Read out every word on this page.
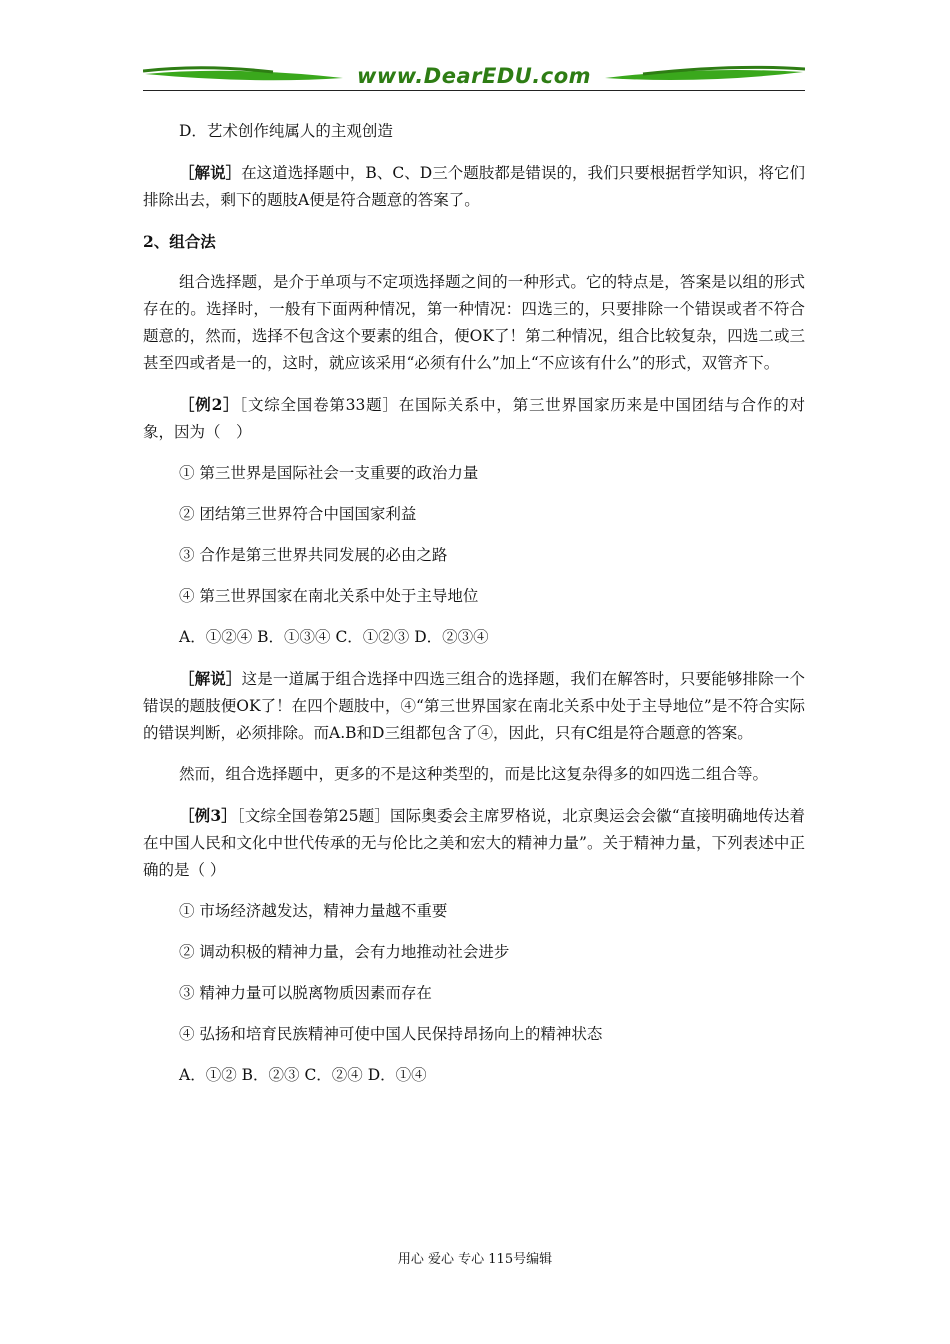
www.DearEDU.com

D．艺术创作纯属人的主观创造

［解说］在这道选择题中，B、C、D三个题肢都是错误的，我们只要根据哲学知识，将它们排除出去，剩下的题肢A便是符合题意的答案了。

2、组合法

组合选择题，是介于单项与不定项选择题之间的一种形式。它的特点是，答案是以组的形式存在的。选择时，一般有下面两种情况，第一种情况：四选三的，只要排除一个错误或者不符合题意的，然而，选择不包含这个要素的组合，便OK了！第二种情况，组合比较复杂，四选二或三甚至四或者是一的，这时，就应该采用“必须有什么”加上“不应该有什么”的形式，双管齐下。

［例2］［文综全国卷第33题］在国际关系中，第三世界国家历来是中国团结与合作的对象，因为（　）

① 第三世界是国际社会一支重要的政治力量

② 团结第三世界符合中国国家利益

③ 合作是第三世界共同发展的必由之路

④ 第三世界国家在南北关系中处于主导地位

A．①②④ B．①③④ C．①②③ D．②③④

［解说］这是一道属于组合选择中四选三组合的选择题，我们在解答时，只要能够排除一个错误的题肢便OK了！在四个题肢中，④“第三世界国家在南北关系中处于主导地位”是不符合实际的错误判断，必须排除。而A.B和D三组都包含了④，因此，只有C组是符合题意的答案。

然而，组合选择题中，更多的不是这种类型的，而是比这复杂得多的如四选二组合等。

［例3］［文综全国卷第25题］国际奥委会主席罗格说，北京奥运会会徽“直接明确地传达着在中国人民和文化中世代传承的无与伦比之美和宏大的精神力量”。关于精神力量，下列表述中正确的是（ ）

① 市场经济越发达，精神力量越不重要

② 调动积极的精神力量，会有力地推动社会进步

③ 精神力量可以脱离物质因素而存在

④ 弘扬和培育民族精神可使中国人民保持昂扬向上的精神状态

A．①② B．②③ C．②④ D．①④

用心 爱心 专心 115号编辑
